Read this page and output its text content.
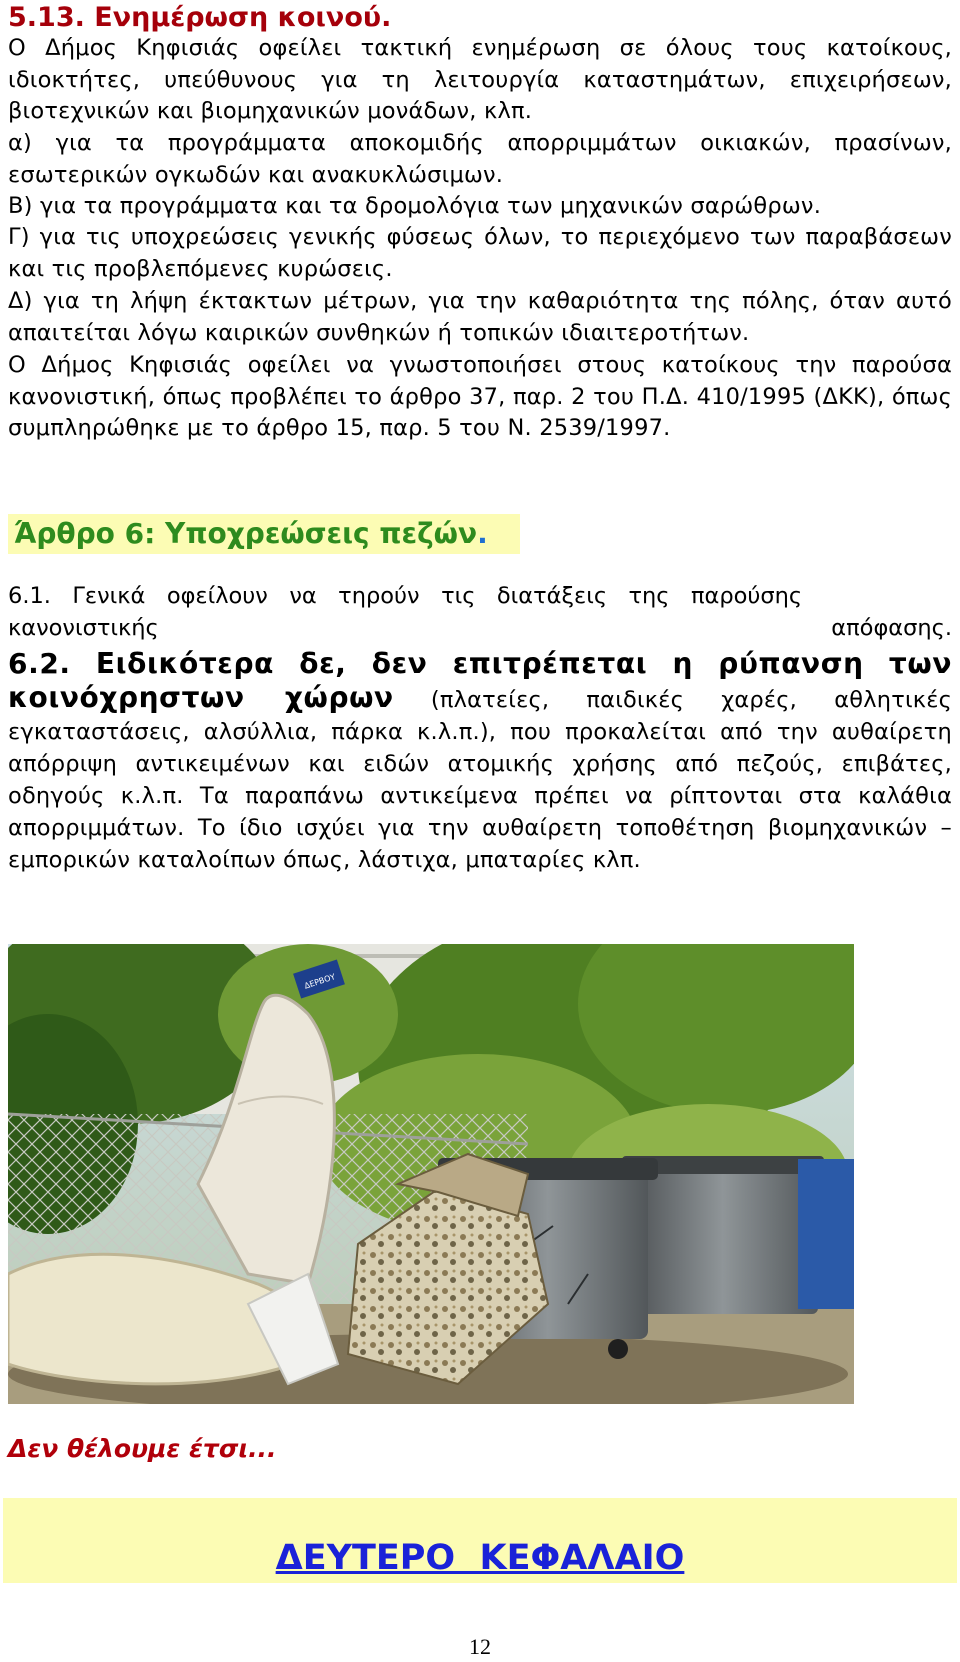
5.13. Ενημέρωση κοινού.

Ο Δήμος Κηφισιάς οφείλει τακτική ενημέρωση σε όλους τους κατοίκους, ιδιοκτήτες, υπεύθυνους για τη λειτουργία καταστημάτων, επιχειρήσεων, βιοτεχνικών και βιομηχανικών μονάδων, κλπ.

α) για τα προγράμματα αποκομιδής απορριμμάτων οικιακών, πρασίνων, εσωτερικών ογκωδών και ανακυκλώσιμων.

Β) για τα προγράμματα και τα δρομολόγια των μηχανικών σαρώθρων.

Γ) για τις υποχρεώσεις γενικής φύσεως όλων, το περιεχόμενο των παραβάσεων και τις προβλεπόμενες κυρώσεις.

Δ) για τη λήψη έκτακτων μέτρων, για την καθαριότητα της πόλης, όταν αυτό απαιτείται λόγω καιρικών συνθηκών ή τοπικών ιδιαιτεροτήτων.

Ο Δήμος Κηφισιάς οφείλει να γνωστοποιήσει στους κατοίκους την παρούσα κανονιστική, όπως προβλέπει το άρθρο 37, παρ. 2 του Π.Δ. 410/1995 (ΔΚΚ), όπως συμπληρώθηκε με το άρθρο 15, παρ. 5 του Ν. 2539/1997.

Άρθρο 6: Υποχρεώσεις πεζών.
6.1.   Γενικά   οφείλουν   να   τηρούν   τις   διατάξεις   της   παρούσης
κανονιστικής	απόφασης.

6.2. Ειδικότερα δε, δεν επιτρέπεται η ρύπανση των κοινόχρηστων χώρων (πλατείες, παιδικές χαρές, αθλητικές εγκαταστάσεις, αλσύλλια, πάρκα κ.λ.π.), που προκαλείται από την αυθαίρετη απόρριψη αντικειμένων και ειδών ατομικής χρήσης από πεζούς, επιβάτες, οδηγούς κ.λ.π. Τα παραπάνω αντικείμενα πρέπει να ρίπτονται στα καλάθια απορριμμάτων. Το ίδιο ισχύει για την αυθαίρετη τοποθέτηση βιομηχανικών – εμπορικών καταλοίπων όπως, λάστιχα, μπαταρίες κλπ.

ΔΕΡΒΟΥ

Δεν θέλουμε έτσι...

ΔΕΥΤΕΡΟ  ΚΕΦΑΛΑΙΟ
12
